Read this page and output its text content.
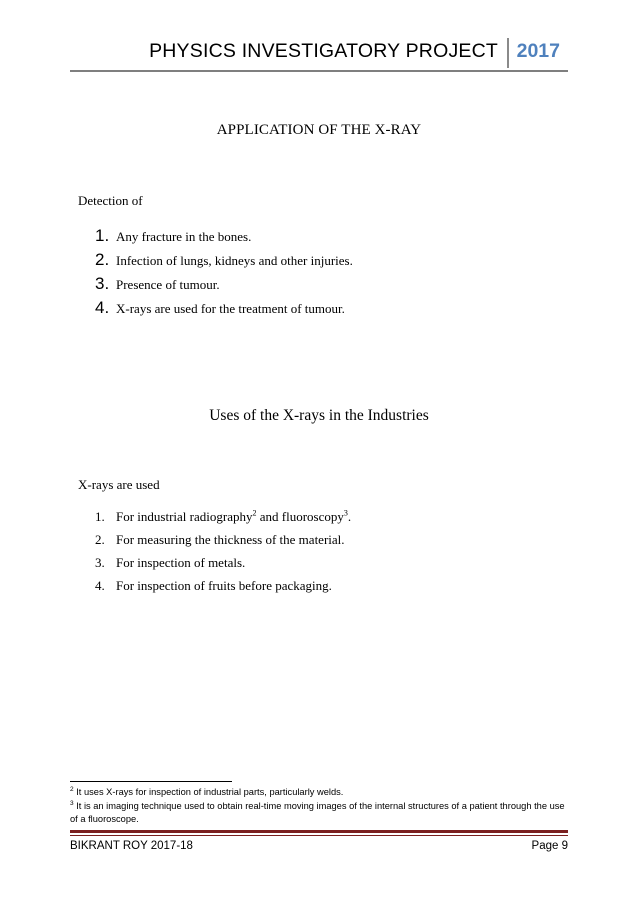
PHYSICS INVESTIGATORY PROJECT 2017
APPLICATION OF THE X-RAY
Detection of
1. Any fracture in the bones.
2. Infection of lungs, kidneys and other injuries.
3. Presence of tumour.
4. X-rays are used for the treatment of tumour.
Uses of the X-rays in the Industries
X-rays are used
1. For industrial radiography$^2$ and fluoroscopy$^3$.
2. For measuring the thickness of the material.
3. For inspection of metals.
4. For inspection of fruits before packaging.

$^2$ It uses X-rays for inspection of industrial parts, particularly welds.

$^3$ It is an imaging technique used to obtain real-time moving images of the internal structures of a patient through the use of a fluoroscope.

BIKRANT ROY 2017-18	Page 9
